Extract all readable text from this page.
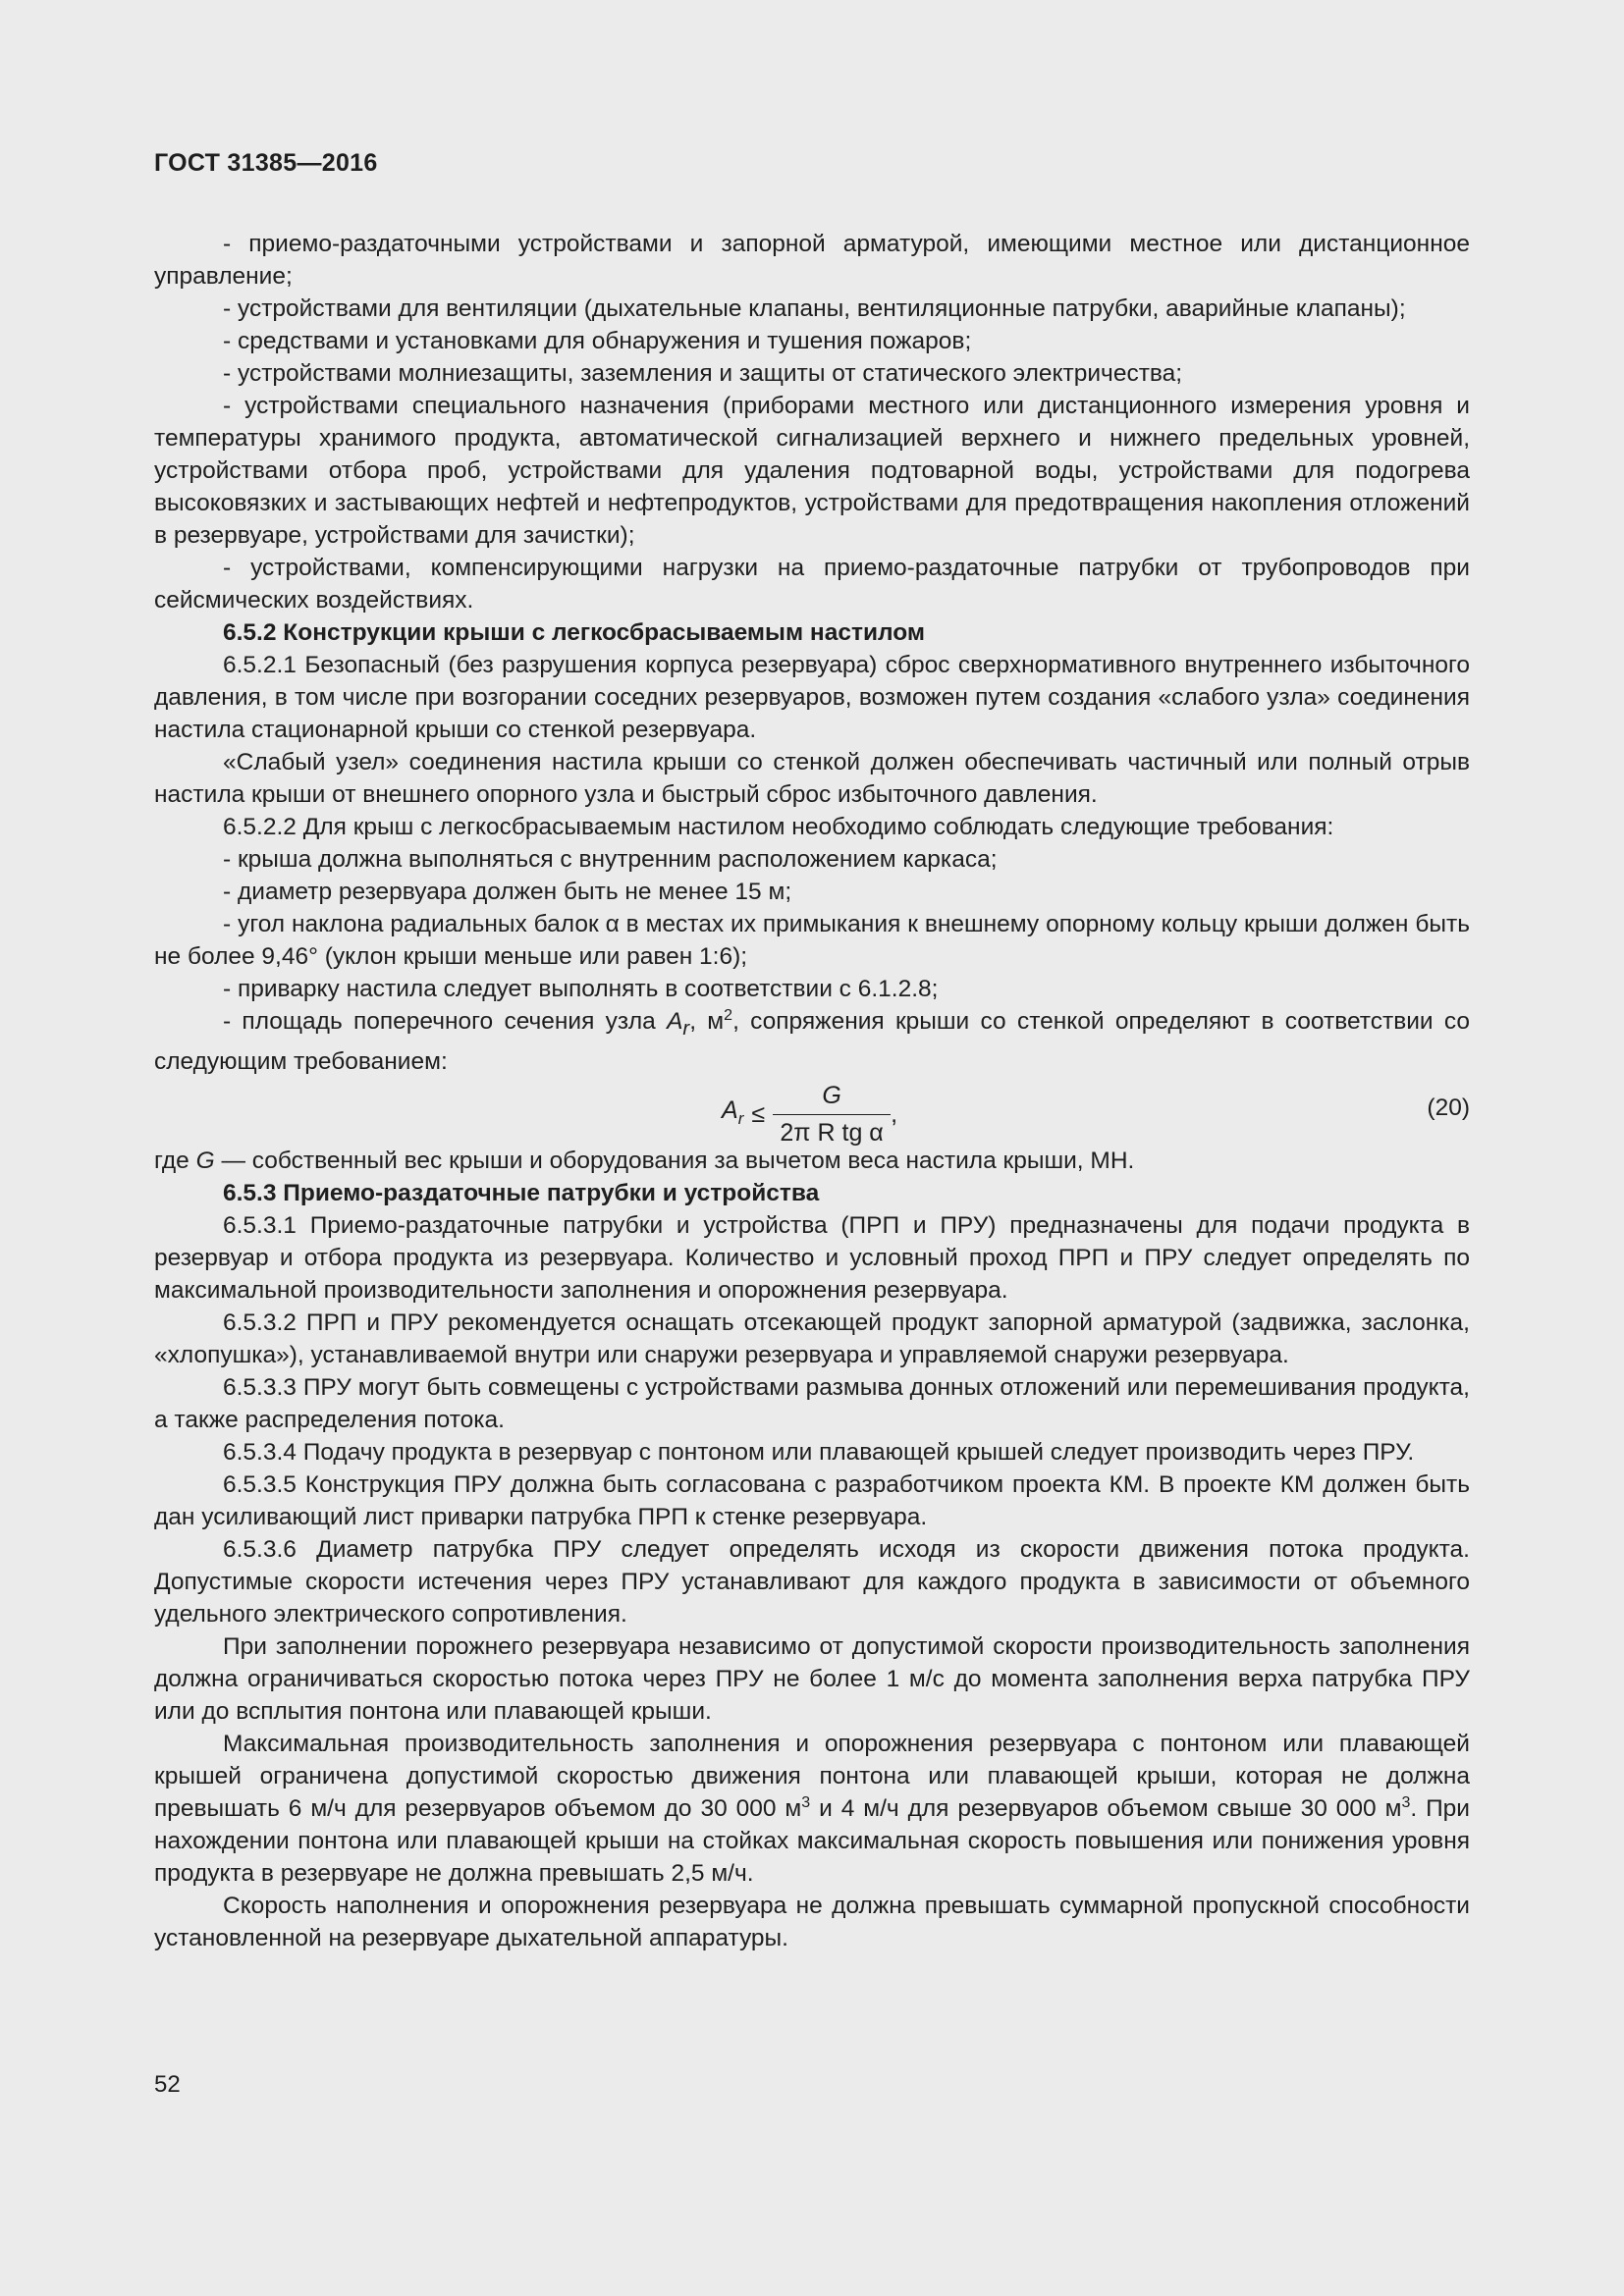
ГОСТ 31385—2016

- приемо-раздаточными устройствами и запорной арматурой, имеющими местное или дистанционное управление;

- устройствами для вентиляции (дыхательные клапаны, вентиляционные патрубки, аварийные клапаны);

- средствами и установками для обнаружения и тушения пожаров;

- устройствами молниезащиты, заземления и защиты от статического электричества;

- устройствами специального назначения (приборами местного или дистанционного измерения уровня и температуры хранимого продукта, автоматической сигнализацией верхнего и нижнего предельных уровней, устройствами отбора проб, устройствами для удаления подтоварной воды, устройствами для подогрева высоковязких и застывающих нефтей и нефтепродуктов, устройствами для предотвращения накопления отложений в резервуаре, устройствами для зачистки);

- устройствами, компенсирующими нагрузки на приемо-раздаточные патрубки от трубопроводов при сейсмических воздействиях.

6.5.2 Конструкции крыши с легкосбрасываемым настилом

6.5.2.1 Безопасный (без разрушения корпуса резервуара) сброс сверхнормативного внутреннего избыточного давления, в том числе при возгорании соседних резервуаров, возможен путем создания «слабого узла» соединения настила стационарной крыши со стенкой резервуара.

«Слабый узел» соединения настила крыши со стенкой должен обеспечивать частичный или полный отрыв настила крыши от внешнего опорного узла и быстрый сброс избыточного давления.

6.5.2.2 Для крыш с легкосбрасываемым настилом необходимо соблюдать следующие требования:

- крыша должна выполняться с внутренним расположением каркаса;

- диаметр резервуара должен быть не менее 15 м;

- угол наклона радиальных балок α в местах их примыкания к внешнему опорному кольцу крыши должен быть не более 9,46° (уклон крыши меньше или равен 1:6);

- приварку настила следует выполнять в соответствии с 6.1.2.8;

- площадь поперечного сечения узла $A_r$, $м^2$, сопряжения крыши со стенкой определяют в соответствии со следующим требованием:

$A_r \le \frac{G}{\text{2π R tg α}}$ ,	(20)

где G — собственный вес крыши и оборудования за вычетом веса настила крыши, МН.

6.5.3 Приемо-раздаточные патрубки и устройства

6.5.3.1 Приемо-раздаточные патрубки и устройства (ПРП и ПРУ) предназначены для подачи продукта в резервуар и отбора продукта из резервуара. Количество и условный проход ПРП и ПРУ следует определять по максимальной производительности заполнения и опорожнения резервуара.

6.5.3.2 ПРП и ПРУ рекомендуется оснащать отсекающей продукт запорной арматурой (задвижка, заслонка, «хлопушка»), устанавливаемой внутри или снаружи резервуара и управляемой снаружи резервуара.

6.5.3.3 ПРУ могут быть совмещены с устройствами размыва донных отложений или перемешивания продукта, а также распределения потока.

6.5.3.4 Подачу продукта в резервуар с понтоном или плавающей крышей следует производить через ПРУ.

6.5.3.5 Конструкция ПРУ должна быть согласована с разработчиком проекта КМ. В проекте КМ должен быть дан усиливающий лист приварки патрубка ПРП к стенке резервуара.

6.5.3.6 Диаметр патрубка ПРУ следует определять исходя из скорости движения потока продукта. Допустимые скорости истечения через ПРУ устанавливают для каждого продукта в зависимости от объемного удельного электрического сопротивления.

При заполнении порожнего резервуара независимо от допустимой скорости производительность заполнения должна ограничиваться скоростью потока через ПРУ не более 1 м/с до момента заполнения верха патрубка ПРУ или до всплытия понтона или плавающей крыши.

Максимальная производительность заполнения и опорожнения резервуара с понтоном или плавающей крышей ограничена допустимой скоростью движения понтона или плавающей крыши, которая не должна превышать 6 м/ч для резервуаров объемом до 30 000 $м^3$ и 4 м/ч для резервуаров объемом свыше 30 000 $м^3$. При нахождении понтона или плавающей крыши на стойках максимальная скорость повышения или понижения уровня продукта в резервуаре не должна превышать 2,5 м/ч.

Скорость наполнения и опорожнения резервуара не должна превышать суммарной пропускной способности установленной на резервуаре дыхательной аппаратуры.

52
